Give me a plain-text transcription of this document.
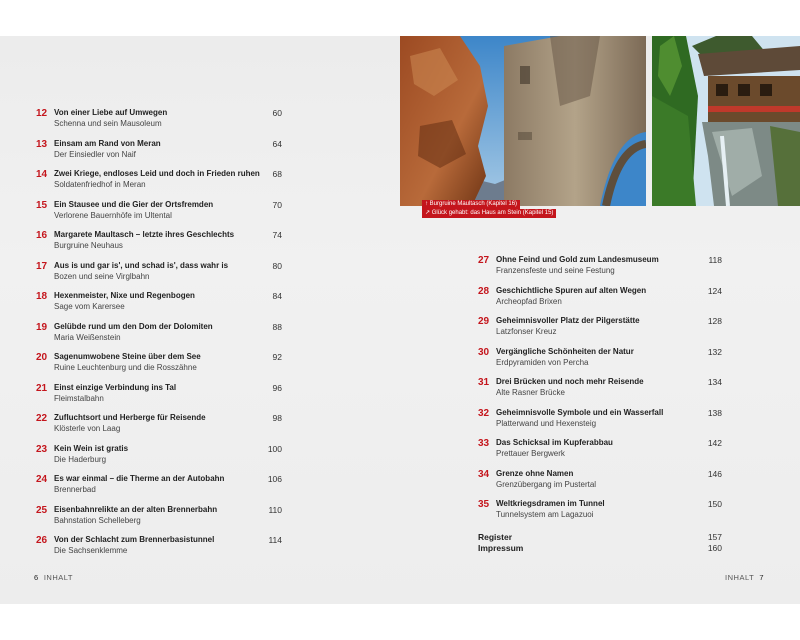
12 Von einer Liebe auf Umwegen
Schenna und sein Mausoleum
60
13 Einsam am Rand von Meran
Der Einsiedler von Naif
64
14 Zwei Kriege, endloses Leid und doch in Frieden ruhen
Soldatenfriedhof in Meran
68
15 Ein Stausee und die Gier der Ortsfremden
Verlorene Bauernhöfe im Ultental
70
16 Margarete Maultasch – letzte ihres Geschlechts
Burgruine Neuhaus
74
17 Aus is und gar is', und schad is', dass wahr is
Bozen und seine Virglbahn
80
18 Hexenmeister, Nixe und Regenbogen
Sage vom Karersee
84
19 Gelübde rund um den Dom der Dolomiten
Maria Weißenstein
88
20 Sagenumwobene Steine über dem See
Ruine Leuchtenburg und die Rosszähne
92
21 Einst einzige Verbindung ins Tal
Fleimstalbahn
96
22 Zufluchtsort und Herberge für Reisende
Klösterle von Laag
98
23 Kein Wein ist gratis
Die Haderburg
100
24 Es war einmal – die Therme an der Autobahn
Brennerbad
106
25 Eisenbahnrelikte an der alten Brennerbahn
Bahnstation Schelleberg
110
26 Von der Schlacht zum Brennerbasistunnel
Die Sachsenklemme
114
6 INHALT
↑ Burgruine Maultasch (Kapitel 16)
↗ Glück gehabt: das Haus am Stein (Kapitel 15)
27 Ohne Feind und Gold zum Landesmuseum
Franzensfeste und seine Festung
118
28 Geschichtliche Spuren auf alten Wegen
Archeopfad Brixen
124
29 Geheimnisvoller Platz der Pilgerstätte
Latzfonser Kreuz
128
30 Vergängliche Schönheiten der Natur
Erdpyramiden von Percha
132
31 Drei Brücken und noch mehr Reisende
Alte Rasner Brücke
134
32 Geheimnisvolle Symbole und ein Wasserfall
Platterwand und Hexensteig
138
33 Das Schicksal im Kupferabbau
Prettauer Bergwerk
142
34 Grenze ohne Namen
Grenzübergang im Pustertal
146
35 Weltkriegsdramen im Tunnel
Tunnelsystem am Lagazuoi
150
Register	157
Impressum	160
INHALT 7
